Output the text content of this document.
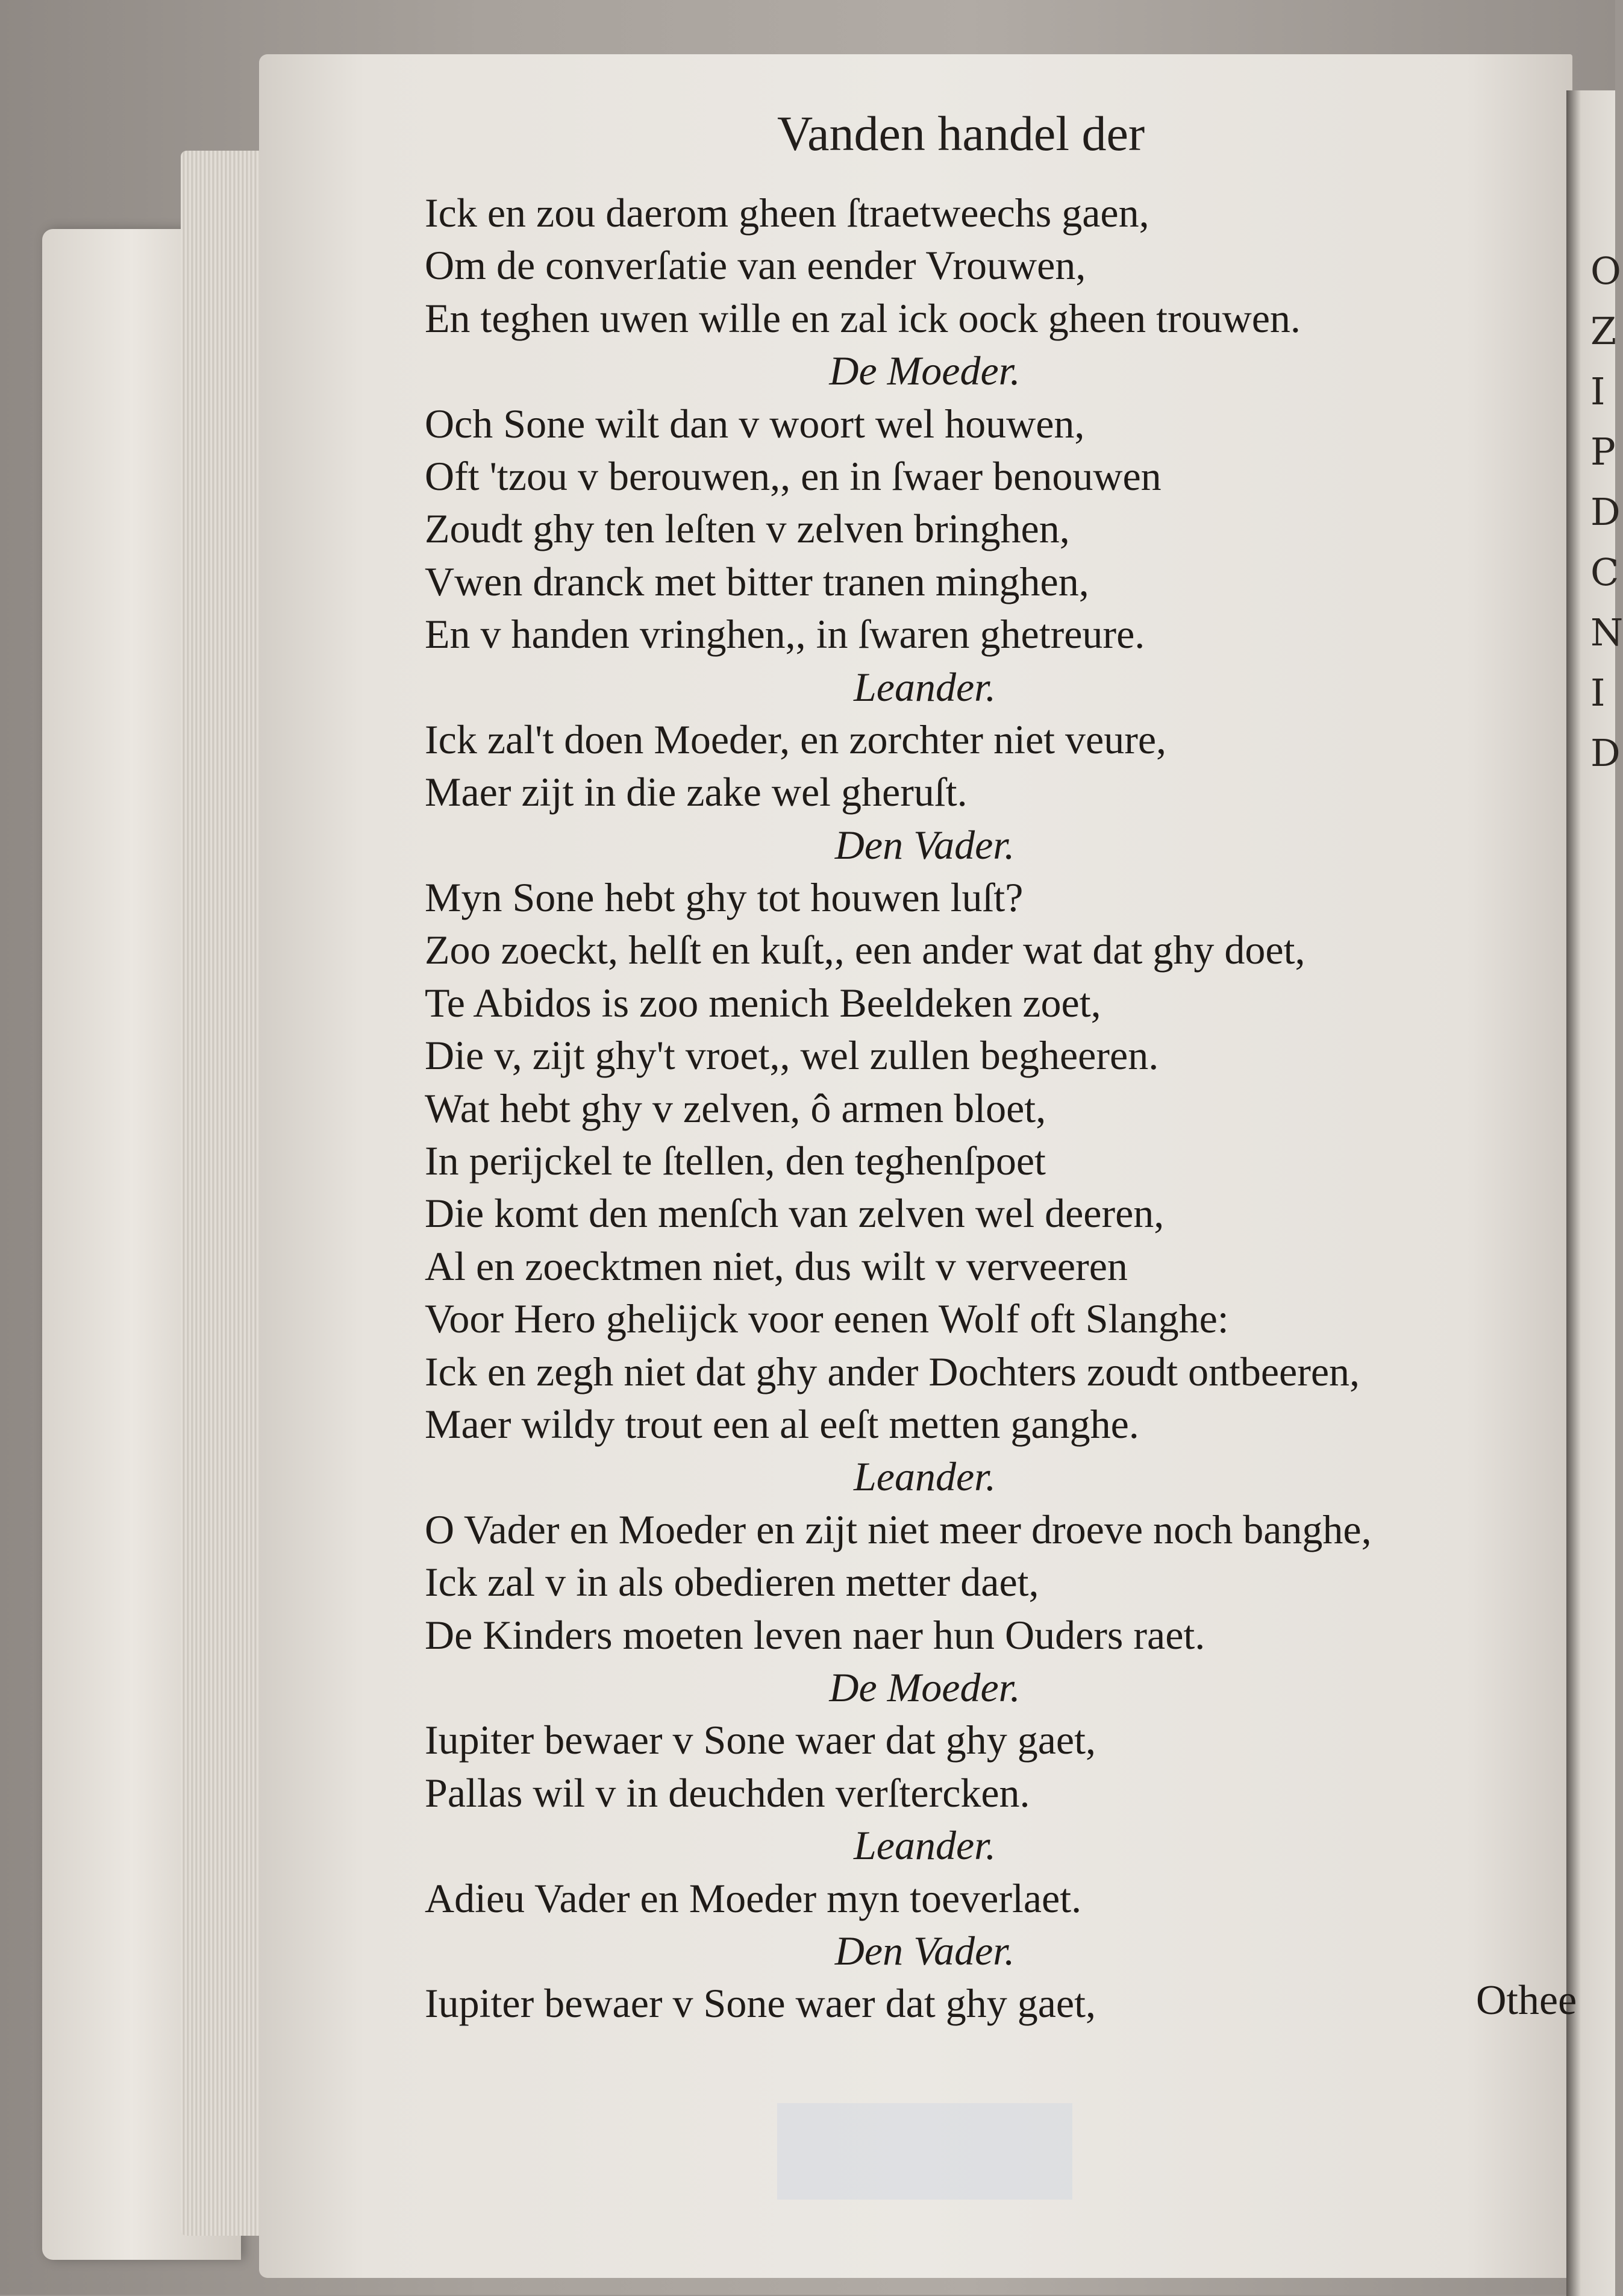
O
Z
I
P
D
C
N
I
D
Vanden handel der
Ick en zou daerom gheen ſtraetweechs gaen,
Om de converſatie van eender Vrouwen,
En teghen uwen wille en zal ick oock gheen trouwen.
De Moeder.
Och Sone wilt dan v woort wel houwen,
Oft 'tzou v berouwen,, en in ſwaer benouwen
Zoudt ghy ten leſten v zelven bringhen,
Vwen dranck met bitter tranen minghen,
En v handen vringhen,, in ſwaren ghetreure.
Leander.
Ick zal't doen Moeder, en zorchter niet veure,
Maer zijt in die zake wel gheruſt.
Den Vader.
Myn Sone hebt ghy tot houwen luſt?
Zoo zoeckt, helſt en kuſt,, een ander wat dat ghy doet,
Te Abidos is zoo menich Beeldeken zoet,
Die v, zijt ghy't vroet,, wel zullen begheeren.
Wat hebt ghy v zelven, ô armen bloet,
In perijckel te ſtellen, den teghenſpoet
Die komt den menſch van zelven wel deeren,
Al en zoecktmen niet, dus wilt v verveeren
Voor Hero ghelijck voor eenen Wolf oft Slanghe:
Ick en zegh niet dat ghy ander Dochters zoudt ontbeeren,
Maer wildy trout een al eeſt metten ganghe.
Leander.
O Vader en Moeder en zijt niet meer droeve noch banghe,
Ick zal v in als obedieren metter daet,
De Kinders moeten leven naer hun Ouders raet.
De Moeder.
Iupiter bewaer v Sone waer dat ghy gaet,
Pallas wil v in deuchden verſtercken.
Leander.
Adieu Vader en Moeder myn toeverlaet.
Den Vader.
Iupiter bewaer v Sone waer dat ghy gaet,	Othee
